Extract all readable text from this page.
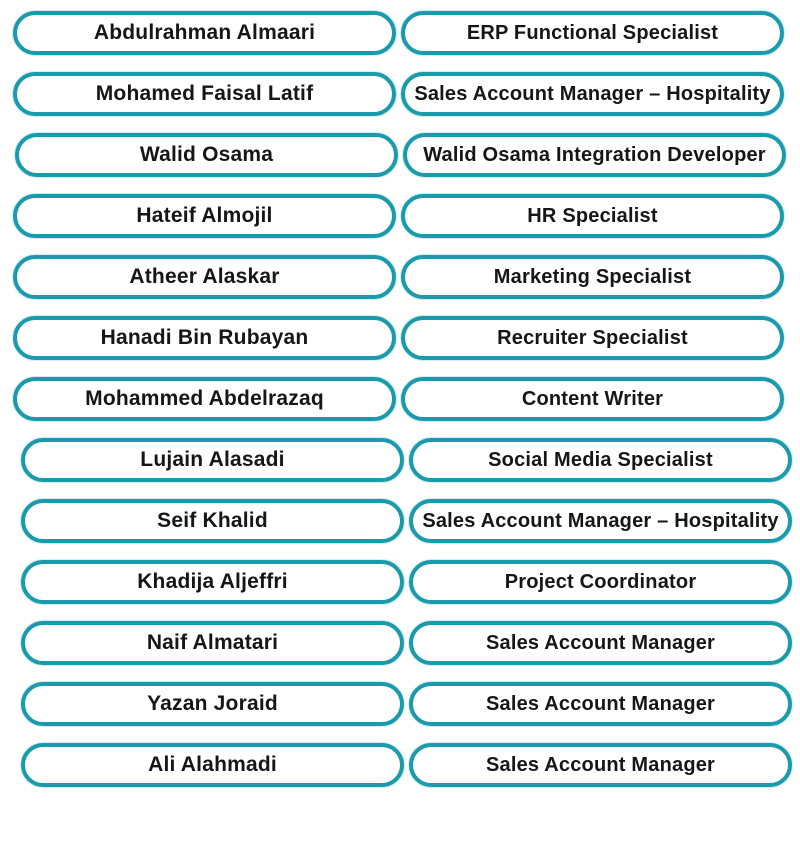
Abdulrahman Almaari	ERP Functional Specialist
Mohamed Faisal Latif	Sales Account Manager – Hospitality
Walid Osama	Walid Osama Integration Developer
Hateif Almojil	HR Specialist
Atheer Alaskar	Marketing Specialist
Hanadi Bin Rubayan	Recruiter Specialist
Mohammed Abdelrazaq	Content Writer
Lujain Alasadi	Social Media Specialist
Seif Khalid	Sales Account Manager – Hospitality
Khadija Aljeffri	Project Coordinator
Naif Almatari	Sales Account Manager
Yazan Joraid	Sales Account Manager
Ali Alahmadi	Sales Account Manager
